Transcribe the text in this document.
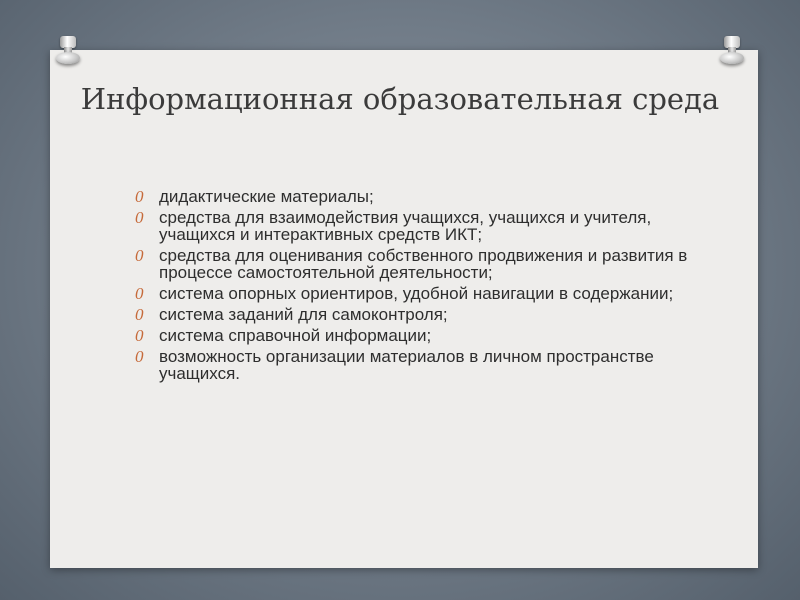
Информационная образовательная среда
0 дидактические материалы;
0 средства для взаимодействия учащихся, учащихся и учителя, учащихся и интерактивных средств ИКТ;
0 средства для оценивания собственного продвижения и развития в процессе самостоятельной деятельности;
0 система опорных ориентиров, удобной навигации в содержании;
0 система заданий для самоконтроля;
0 система справочной информации;
0 возможность организации материалов в личном пространстве учащихся.
